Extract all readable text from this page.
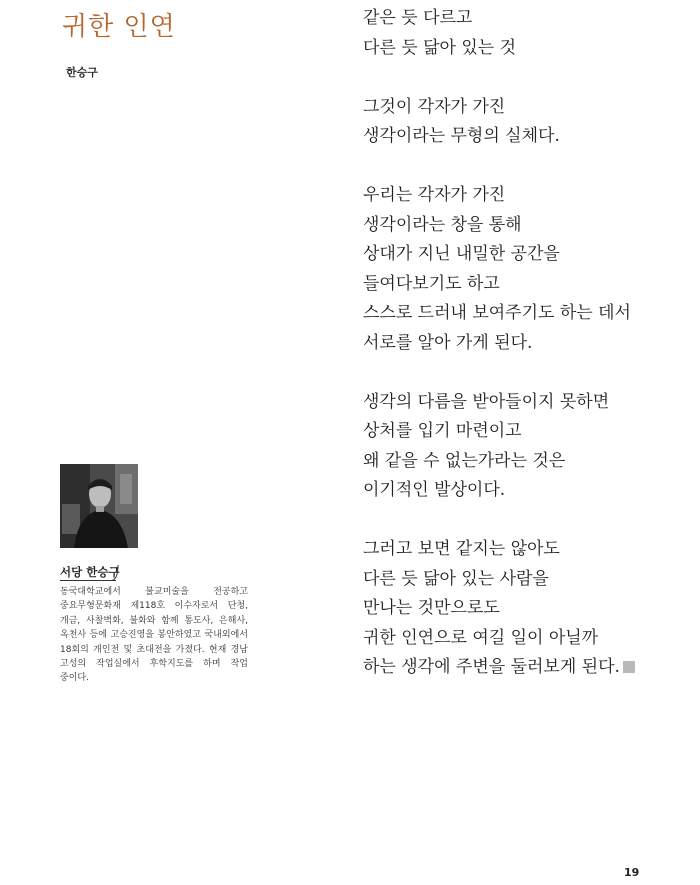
귀한 인연
한승구
같은 듯 다르고
다른 듯 닮아 있는 것
그것이 각자가 가진
생각이라는 무형의 실체다.
우리는 각자가 가진
생각이라는 창을 통해
상대가 지닌 내밀한 공간을
들여다보기도 하고
스스로 드러내 보여주기도 하는 데서
서로를 알아 가게 된다.
생각의 다름을 받아들이지 못하면
상처를 입기 마련이고
왜 같을 수 없는가라는 것은
이기적인 발상이다.
그러고 보면 같지는 않아도
다른 듯 닮아 있는 사람을
만나는 것만으로도
귀한 인연으로 여길 일이 아닐까
하는 생각에 주변을 둘러보게 된다.
서당 한승구
동국대학교에서 불교미술을 전공하고 중요무형문화재 제118호 이수자로서 단청, 개금, 사찰벽화, 불화와 함께 통도사, 은해사, 옥천사 등에 고승진영을 봉안하였고 국내외에서 18회의 개인전 및 초대전을 가졌다. 현재 경남 고성의 작업실에서 후학지도를 하며 작업 중이다.
19
